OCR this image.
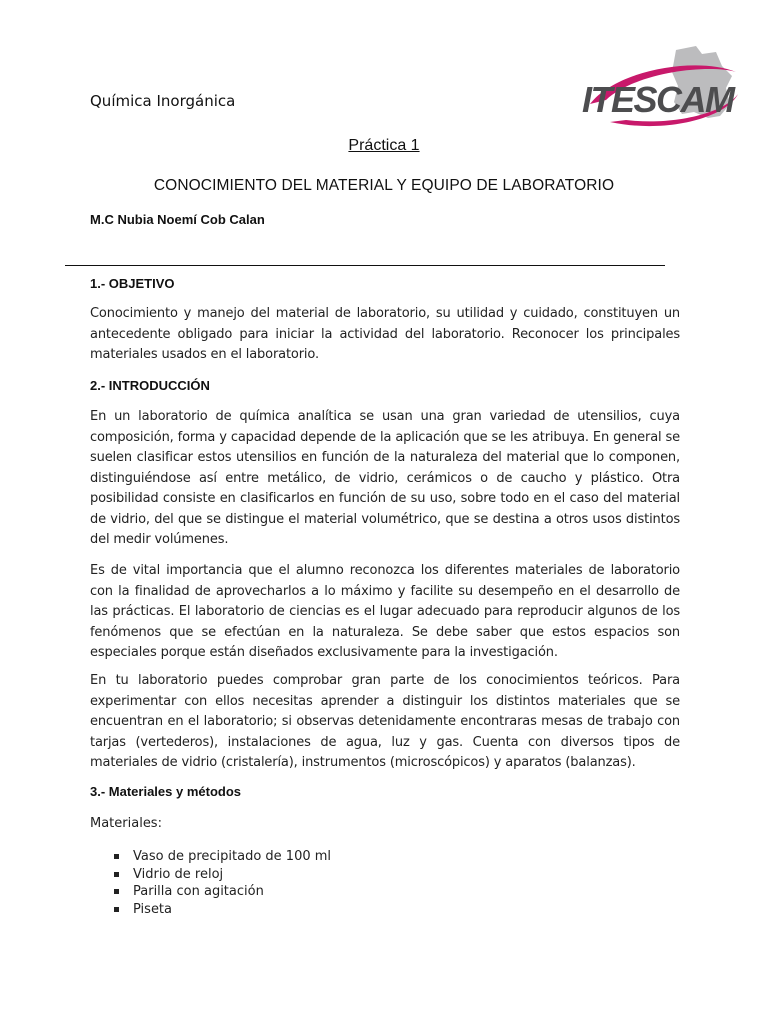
Química Inorgánica	ITESCAM
Práctica 1
CONOCIMIENTO DEL MATERIAL Y EQUIPO DE LABORATORIO
M.C Nubia Noemí Cob Calan
1.- OBJETIVO
Conocimiento y manejo del material de laboratorio, su utilidad y cuidado, constituyen un antecedente obligado para iniciar la actividad del laboratorio. Reconocer los principales materiales usados en el laboratorio.
2.- INTRODUCCIÓN
En un laboratorio de química analítica se usan una gran variedad de utensilios, cuya composición, forma y capacidad depende de la aplicación que se les atribuya. En general se suelen clasificar estos utensilios en función de la naturaleza del material que lo componen, distinguiéndose así entre metálico, de vidrio, cerámicos o de caucho y plástico. Otra posibilidad consiste en clasificarlos en función de su uso, sobre todo en el caso del material de vidrio, del que se distingue el material volumétrico, que se destina a otros usos distintos del medir volúmenes.
Es de vital importancia que el alumno reconozca los diferentes materiales de laboratorio con la finalidad de aprovecharlos a lo máximo y facilite su desempeño en el desarrollo de las prácticas. El laboratorio de ciencias es el lugar adecuado para reproducir algunos de los fenómenos que se efectúan en la naturaleza. Se debe saber que estos espacios son especiales porque están diseñados exclusivamente para la investigación.
En tu laboratorio puedes comprobar gran parte de los conocimientos teóricos. Para experimentar con ellos necesitas aprender a distinguir los distintos materiales que se encuentran en el laboratorio; si observas detenidamente encontraras mesas de trabajo con tarjas (vertederos), instalaciones de agua, luz y gas. Cuenta con diversos tipos de materiales de vidrio (cristalería), instrumentos (microscópicos) y aparatos (balanzas).
3.- Materiales y métodos
Materiales:
Vaso de precipitado de 100 ml
Vidrio de reloj
Parilla con agitación
Piseta
